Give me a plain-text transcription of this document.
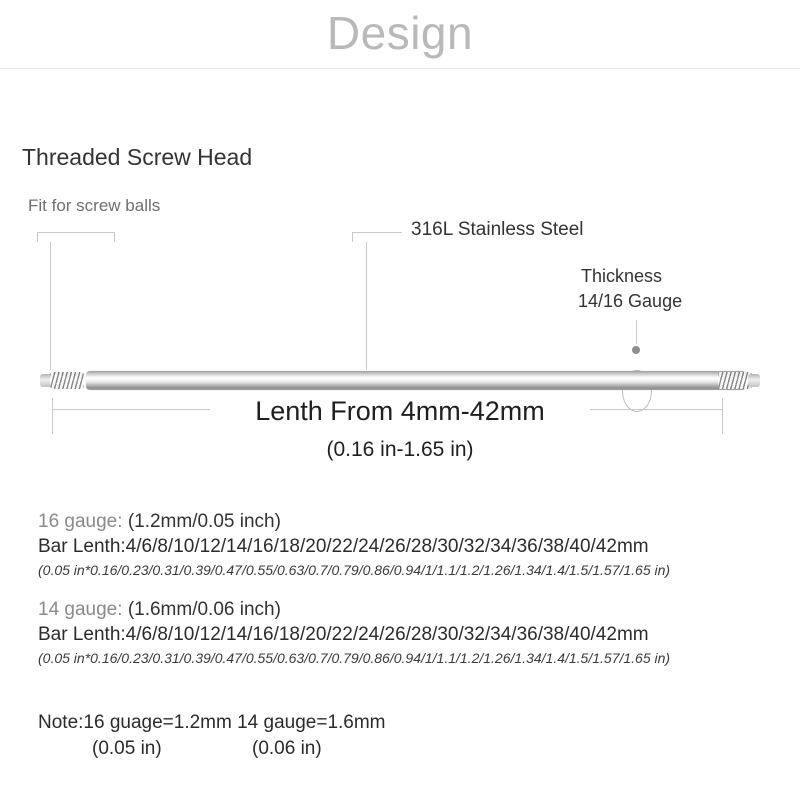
Design
Threaded Screw Head
Fit for screw balls
316L Stainless Steel
Thickness
14/16 Gauge
Lenth From 4mm-42mm
(0.16 in-1.65 in)
16 gauge: (1.2mm/0.05 inch)
Bar Lenth:4/6/8/10/12/14/16/18/20/22/24/26/28/30/32/34/36/38/40/42mm
(0.05 in*0.16/0.23/0.31/0.39/0.47/0.55/0.63/0.7/0.79/0.86/0.94/1/1.1/1.2/1.26/1.34/1.4/1.5/1.57/1.65 in)
14 gauge: (1.6mm/0.06 inch)
Bar Lenth:4/6/8/10/12/14/16/18/20/22/24/26/28/30/32/34/36/38/40/42mm
(0.05 in*0.16/0.23/0.31/0.39/0.47/0.55/0.63/0.7/0.79/0.86/0.94/1/1.1/1.2/1.26/1.34/1.4/1.5/1.57/1.65 in)
Note:16 guage=1.2mm 14 gauge=1.6mm
(0.05 in)	(0.06 in)
